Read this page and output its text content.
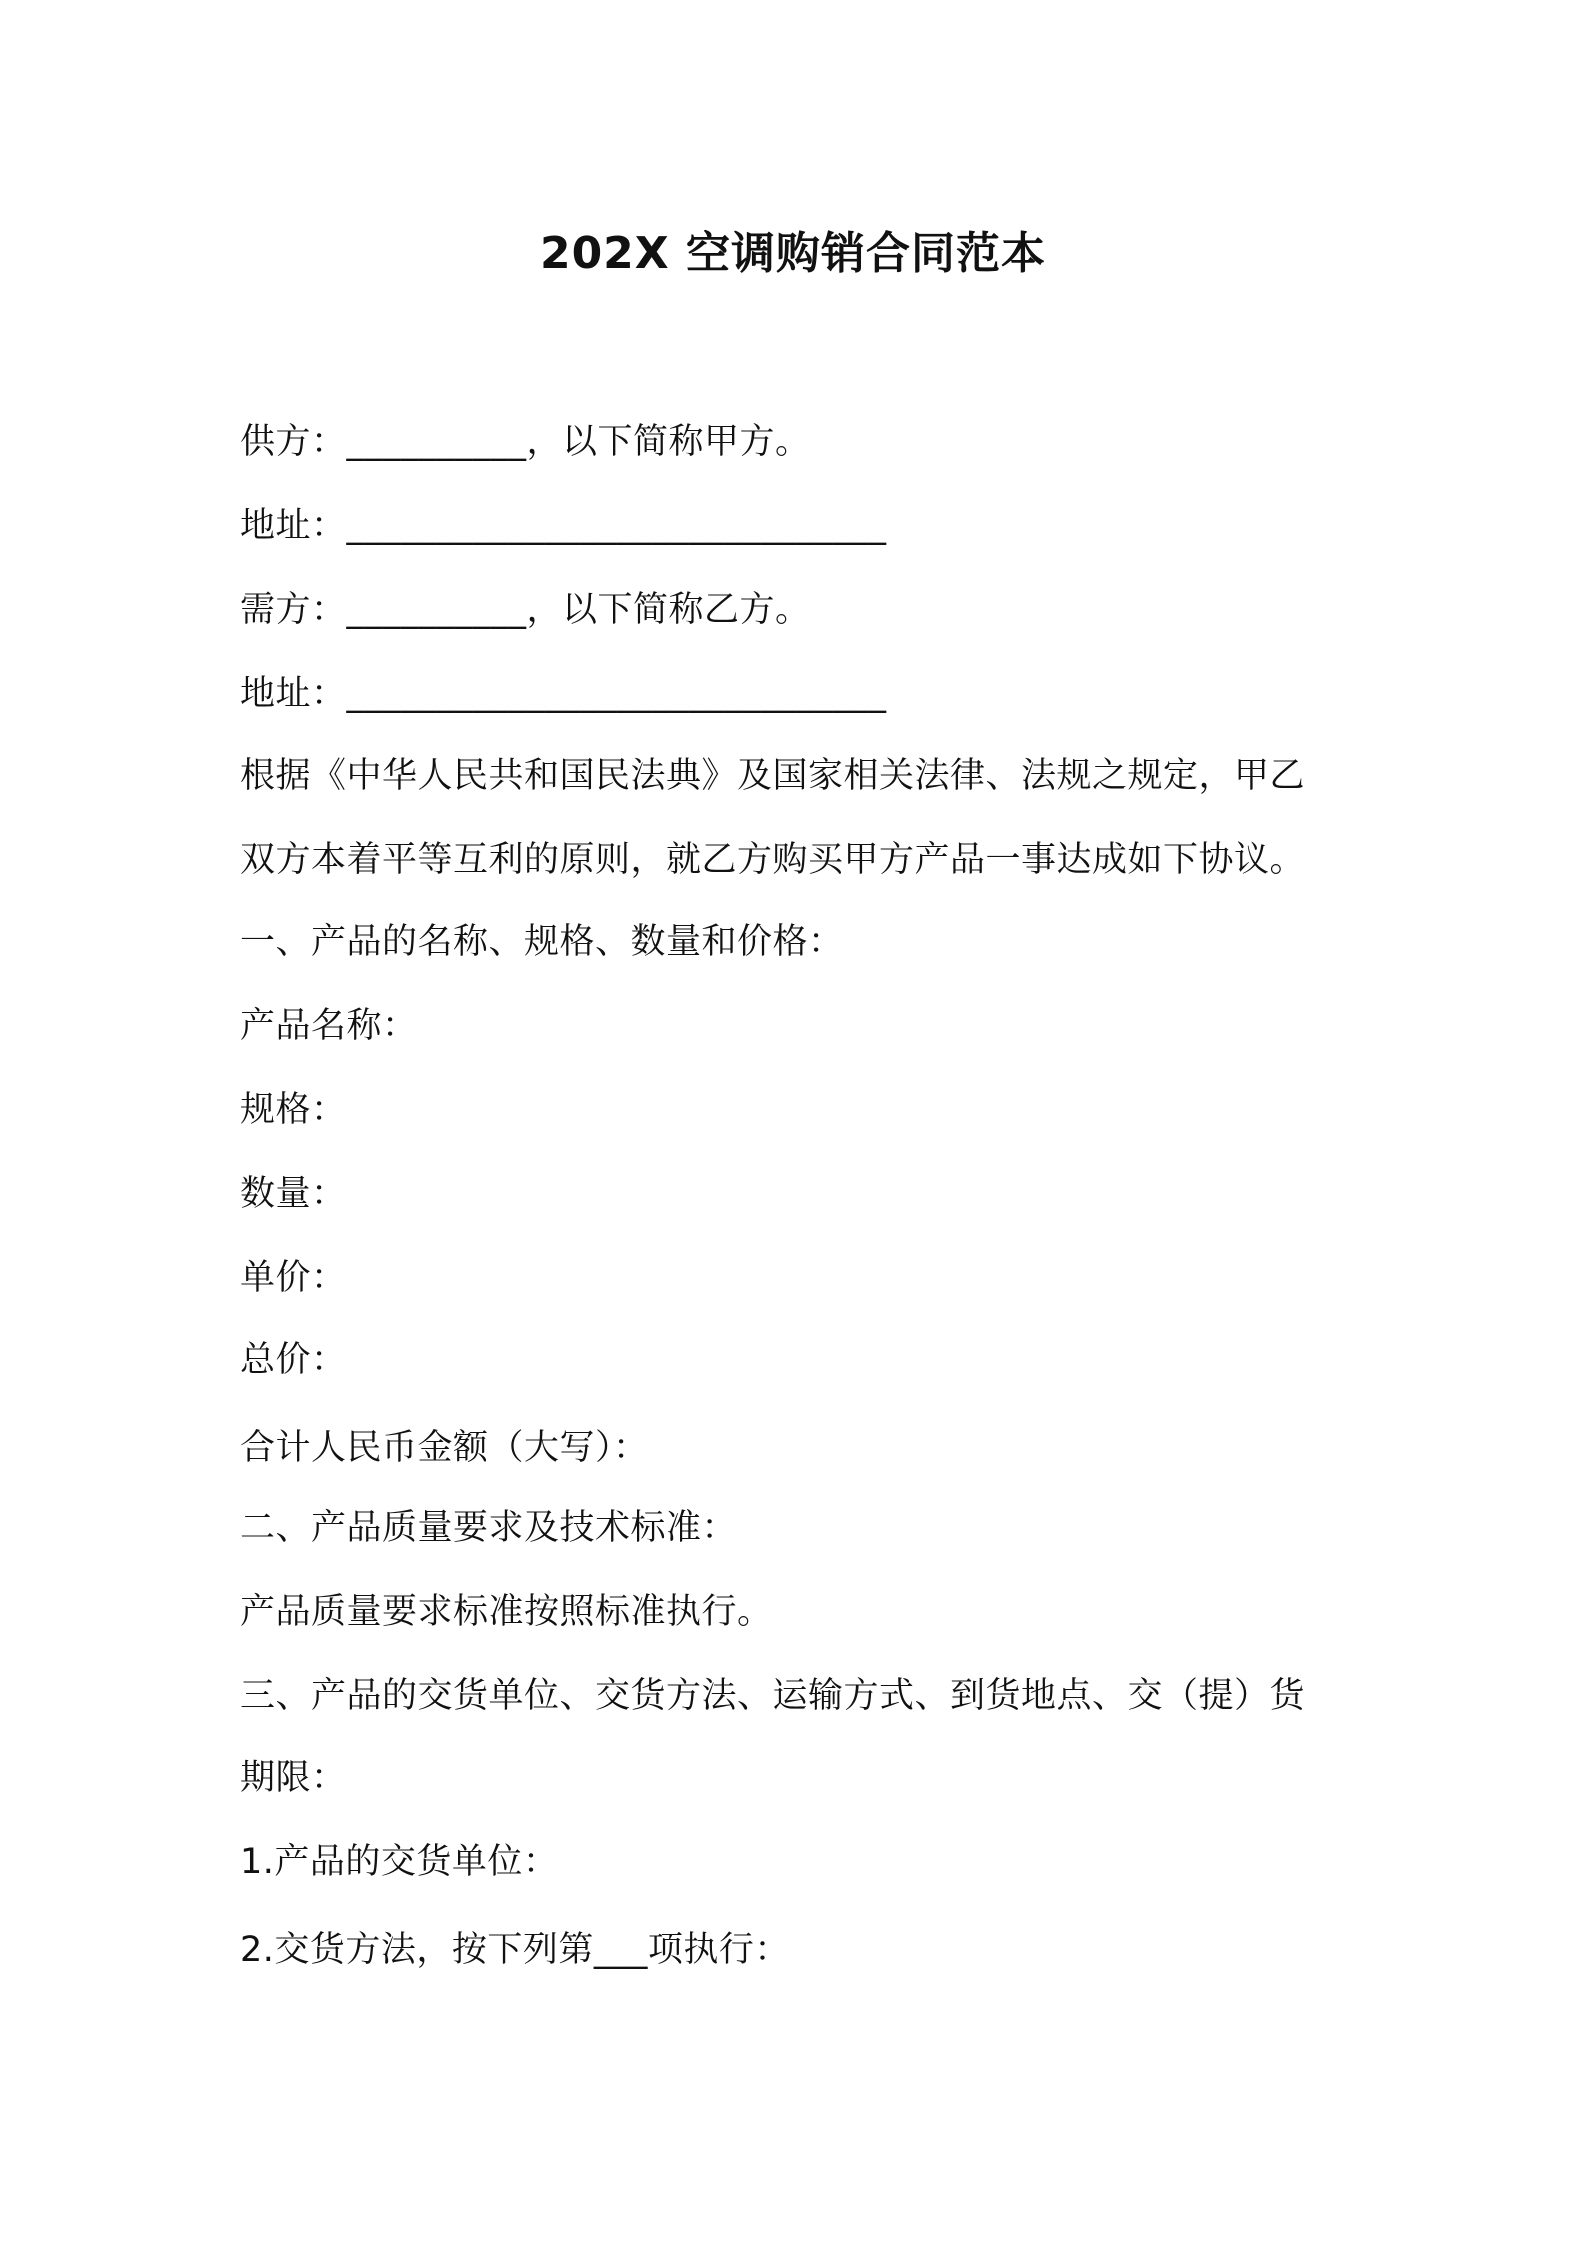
202X 空调购销合同范本
供方：__________，以下简称甲方。
地址：______________________________
需方：__________，以下简称乙方。
地址：______________________________
根据《中华人民共和国民法典》及国家相关法律、法规之规定，甲乙
双方本着平等互利的原则，就乙方购买甲方产品一事达成如下协议。
一、产品的名称、规格、数量和价格：
产品名称：
规格：
数量：
单价：
总价：
合计人民币金额（大写）：
二、产品质量要求及技术标准：
产品质量要求标准按照标准执行。
三、产品的交货单位、交货方法、运输方式、到货地点、交（提）货
期限：
1.产品的交货单位：
2.交货方法，按下列第___项执行：
